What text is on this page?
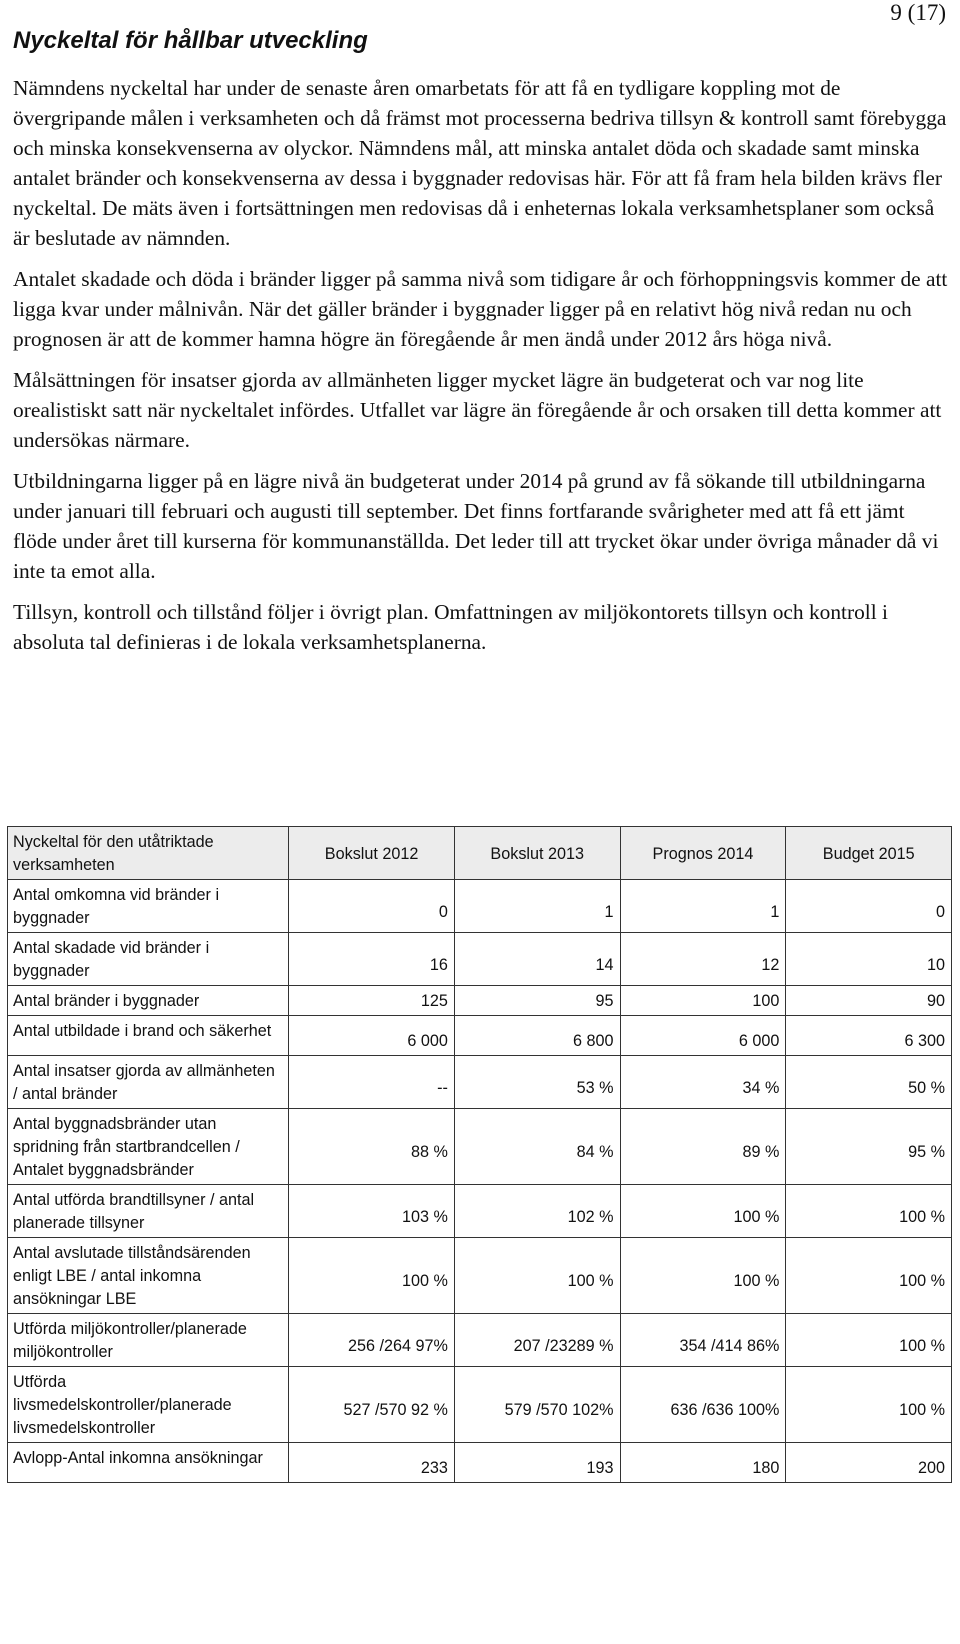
9 (17)
Nyckeltal för hållbar utveckling

Nämndens nyckeltal har under de senaste åren omarbetats för att få en tydligare koppling mot de övergripande målen i verksamheten och då främst mot processerna bedriva tillsyn & kontroll samt förebygga och minska konsekvenserna av olyckor. Nämndens mål, att minska antalet döda och skadade samt minska antalet bränder och konsekvenserna av dessa i byggnader redovisas här. För att få fram hela bilden krävs fler nyckeltal. De mäts även i fortsättningen men redovisas då i enheternas lokala verksamhetsplaner som också är beslutade av nämnden.

Antalet skadade och döda i bränder ligger på samma nivå som tidigare år och förhoppningsvis kommer de att ligga kvar under målnivån. När det gäller bränder i byggnader ligger på en relativt hög nivå redan nu och prognosen är att de kommer hamna högre än föregående år men ändå under 2012 års höga nivå.

Målsättningen för insatser gjorda av allmänheten ligger mycket lägre än budgeterat och var nog lite orealistiskt satt när nyckeltalet infördes. Utfallet var lägre än föregående år och orsaken till detta kommer att undersökas närmare.

Utbildningarna ligger på en lägre nivå än budgeterat under 2014 på grund av få sökande till utbildningarna under januari till februari och augusti till september. Det finns fortfarande svårigheter med att få ett jämt flöde under året till kurserna för kommunanställda. Det leder till att trycket ökar under övriga månader då vi inte ta emot alla.

Tillsyn, kontroll och tillstånd följer i övrigt plan. Omfattningen av miljökontorets tillsyn och kontroll i absoluta tal definieras i de lokala verksamhetsplanerna.

Nyckeltal för den utåtriktade verksamheten	Bokslut 2012	Bokslut 2013	Prognos 2014	Budget 2015
Antal omkomna vid bränder i byggnader	0	1	1	0
Antal skadade vid bränder i byggnader	16	14	12	10
Antal bränder i byggnader	125	95	100	90
Antal utbildade i brand och säkerhet	6 000	6 800	6 000	6 300
Antal insatser gjorda av allmänheten / antal bränder	--	53 %	34 %	50 %
Antal byggnadsbränder utan spridning från startbrandcellen / Antalet byggnadsbränder	88 %	84 %	89 %	95 %
Antal utförda brandtillsyner / antal planerade tillsyner	103 %	102 %	100 %	100 %
Antal avslutade tillståndsärenden enligt LBE / antal inkomna ansökningar LBE	100 %	100 %	100 %	100 %
Utförda miljökontroller/planerade miljökontroller	256 /264 97%	207 /23289 %	354 /414 86%	100 %
Utförda livsmedelskontroller/planerade livsmedelskontroller	527 /570 92 %	579 /570 102%	636 /636 100%	100 %
Avlopp-Antal inkomna ansökningar	233	193	180	200
